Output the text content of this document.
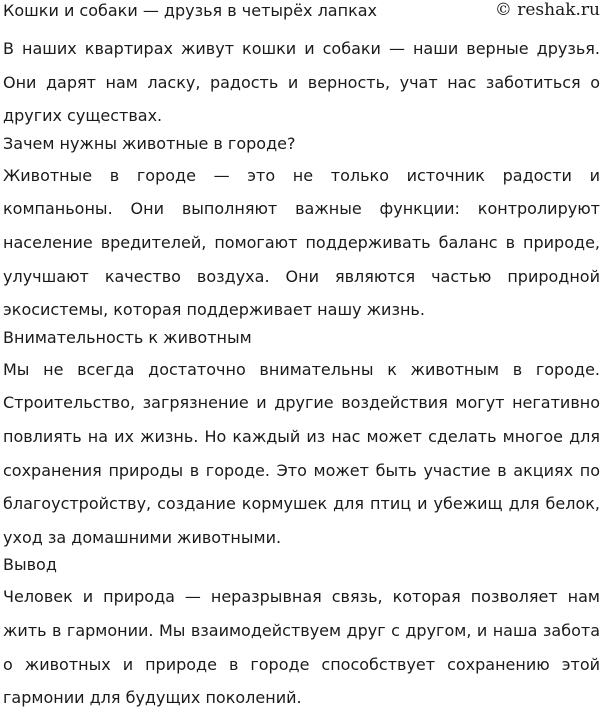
Кошки и собаки — друзья в четырёх лапках	© reshak.ru

В наших квартирах живут кошки и собаки — наши верные друзья. Они дарят нам ласку, радость и верность, учат нас заботиться о других существах.

Зачем нужны животные в городе?

Животные в городе — это не только источник радости и компаньоны. Они выполняют важные функции: контролируют население вредителей, помогают поддерживать баланс в природе, улучшают качество воздуха. Они являются частью природной экосистемы, которая поддерживает нашу жизнь.

Внимательность к животным

Мы не всегда достаточно внимательны к животным в городе. Строительство, загрязнение и другие воздействия могут негативно повлиять на их жизнь. Но каждый из нас может сделать многое для сохранения природы в городе. Это может быть участие в акциях по благоустройству, создание кормушек для птиц и убежищ для белок, уход за домашними животными.

Вывод

Человек и природа — неразрывная связь, которая позволяет нам жить в гармонии. Мы взаимодействуем друг с другом, и наша забота о животных и природе в городе способствует сохранению этой гармонии для будущих поколений.
